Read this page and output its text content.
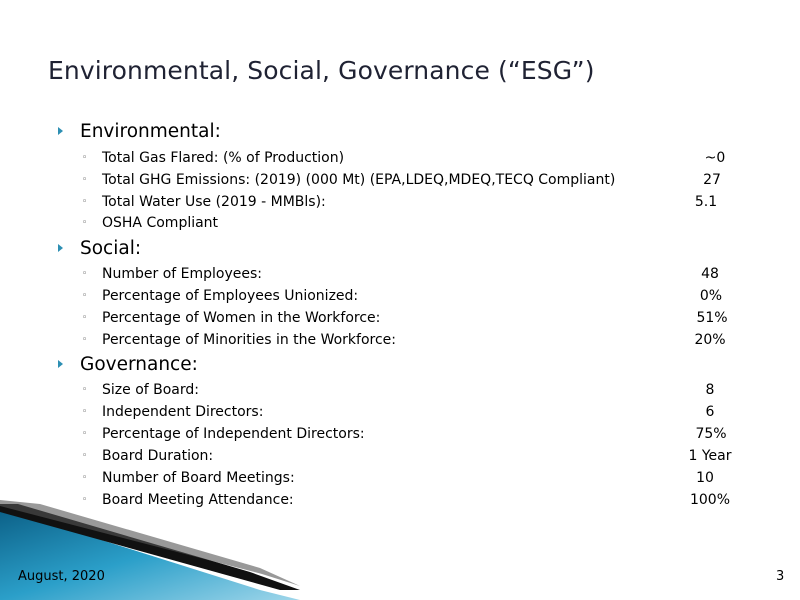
Environmental, Social, Governance (“ESG”)
Environmental:
◦ Total Gas Flared: (% of Production)	~0
◦ Total GHG Emissions: (2019) (000 Mt) (EPA,LDEQ,MDEQ,TECQ Compliant)	27
◦ Total Water Use (2019 - MMBls):	5.1
◦ OSHA Compliant
Social:
◦ Number of Employees:	48
◦ Percentage of Employees Unionized:	0%
◦ Percentage of Women in the Workforce:	51%
◦ Percentage of Minorities in the Workforce:	20%
Governance:
◦ Size of Board:	8
◦ Independent Directors:	6
◦ Percentage of Independent Directors:	75%
◦ Board Duration:	1 Year
◦ Number of Board Meetings:	10
◦ Board Meeting Attendance:	100%
August, 2020	3
